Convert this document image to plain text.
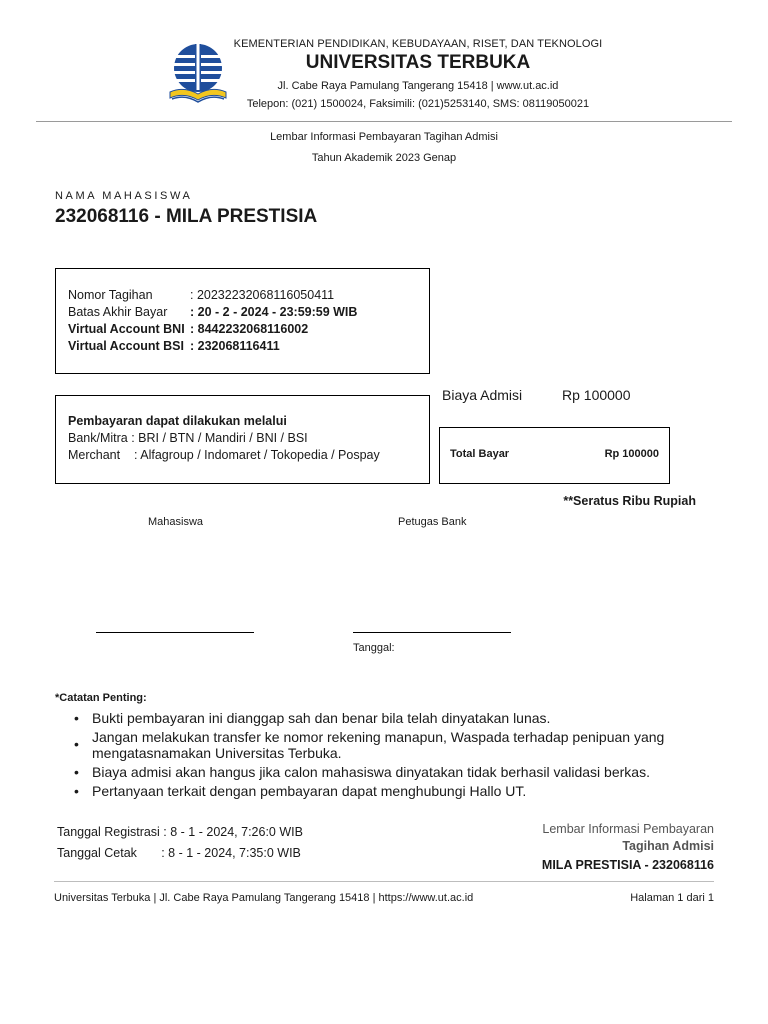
KEMENTERIAN PENDIDIKAN, KEBUDAYAAN, RISET, DAN TEKNOLOGI
UNIVERSITAS TERBUKA
Jl. Cabe Raya Pamulang Tangerang 15418 | www.ut.ac.id
Telepon: (021) 1500024, Faksimili: (021)5253140, SMS: 08119050021
Lembar Informasi Pembayaran Tagihan Admisi
Tahun Akademik 2023 Genap
NAMA MAHASISWA
232068116 - MILA PRESTISIA
Nomor Tagihan	: 20232232068116050411
Batas Akhir Bayar : 20 - 2 - 2024 - 23:59:59 WIB
Virtual Account BNI : 8442232068116002
Virtual Account BSI : 232068116411
Pembayaran dapat dilakukan melalui
Bank/Mitra : BRI / BTN / Mandiri / BNI / BSI
Merchant    : Alfagroup / Indomaret / Tokopedia / Pospay
Biaya Admisi	Rp 100000
Total Bayar	Rp 100000
**Seratus Ribu Rupiah
Mahasiswa	Petugas Bank
Tanggal:
*Catatan Penting:
• Bukti pembayaran ini dianggap sah dan benar bila telah dinyatakan lunas.
• Jangan melakukan transfer ke nomor rekening manapun, Waspada terhadap penipuan yang mengatasnamakan Universitas Terbuka.
• Biaya admisi akan hangus jika calon mahasiswa dinyatakan tidak berhasil validasi berkas.
• Pertanyaan terkait dengan pembayaran dapat menghubungi Hallo UT.
Tanggal Registrasi : 8 - 1 - 2024, 7:26:0 WIB
Tanggal Cetak       : 8 - 1 - 2024, 7:35:0 WIB
Lembar Informasi Pembayaran
Tagihan Admisi
MILA PRESTISIA - 232068116
Universitas Terbuka | Jl. Cabe Raya Pamulang Tangerang 15418 | https://www.ut.ac.id	Halaman 1 dari 1
